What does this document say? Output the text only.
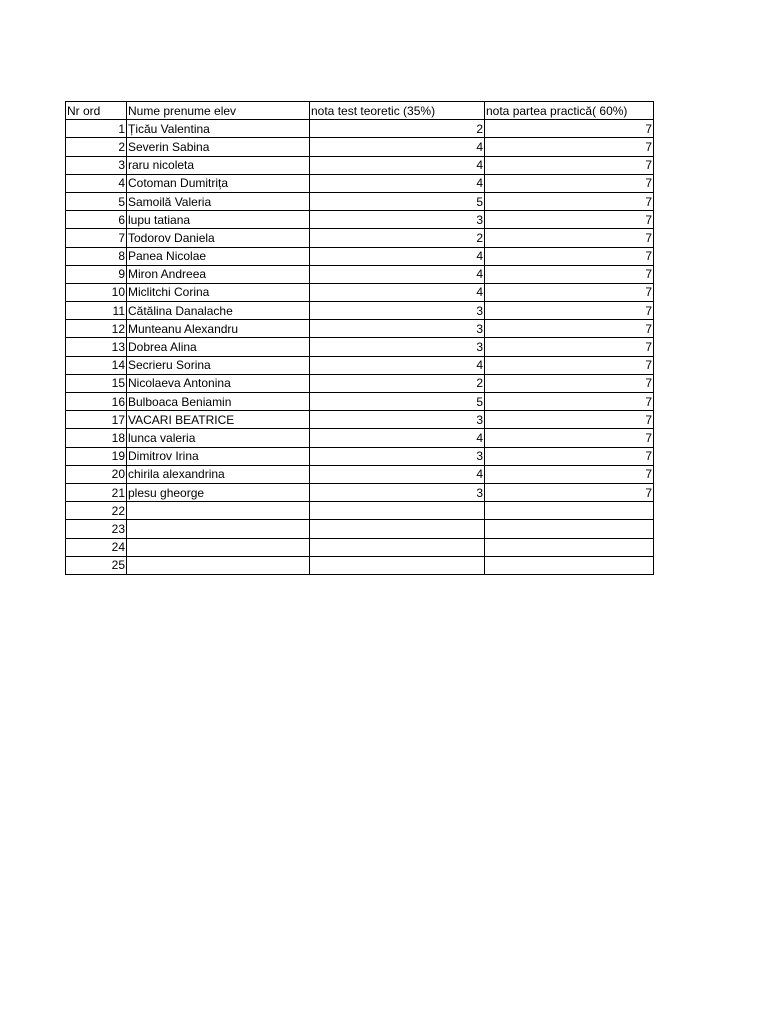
Nr ord	Nume prenume elev	nota test teoretic (35%)	nota partea practică( 60%)
1	Țicău Valentina	2	7
2	Severin Sabina	4	7
3	raru nicoleta	4	7
4	Cotoman Dumitrița	4	7
5	Samoilă Valeria	5	7
6	lupu tatiana	3	7
7	Todorov Daniela	2	7
8	Panea Nicolae	4	7
9	Miron Andreea	4	7
10	Miclitchi Corina	4	7
11	Cătălina Danalache	3	7
12	Munteanu Alexandru	3	7
13	Dobrea Alina	3	7
14	Secrieru Sorina	4	7
15	Nicolaeva Antonina	2	7
16	Bulboaca Beniamin	5	7
17	VACARI BEATRICE	3	7
18	lunca valeria	4	7
19	Dimitrov Irina	3	7
20	chirila alexandrina	4	7
21	plesu gheorge	3	7
22			
23			
24			
25			
